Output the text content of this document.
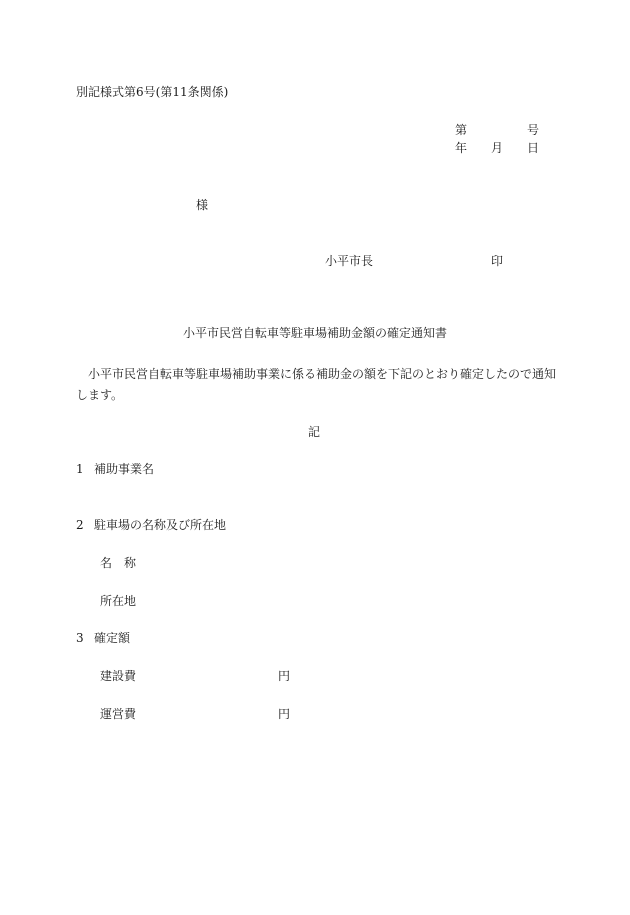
別記様式第6号(第11条関係)
第	号
年 月 日
様
小平市長	印
小平市民営自転車等駐車場補助金額の確定通知書
小平市民営自転車等駐車場補助事業に係る補助金の額を下記のとおり確定したので通知します。
記
1 補助事業名
2 駐車場の名称及び所在地
名　称
所在地
3 確定額
建設費	円
運営費	円
